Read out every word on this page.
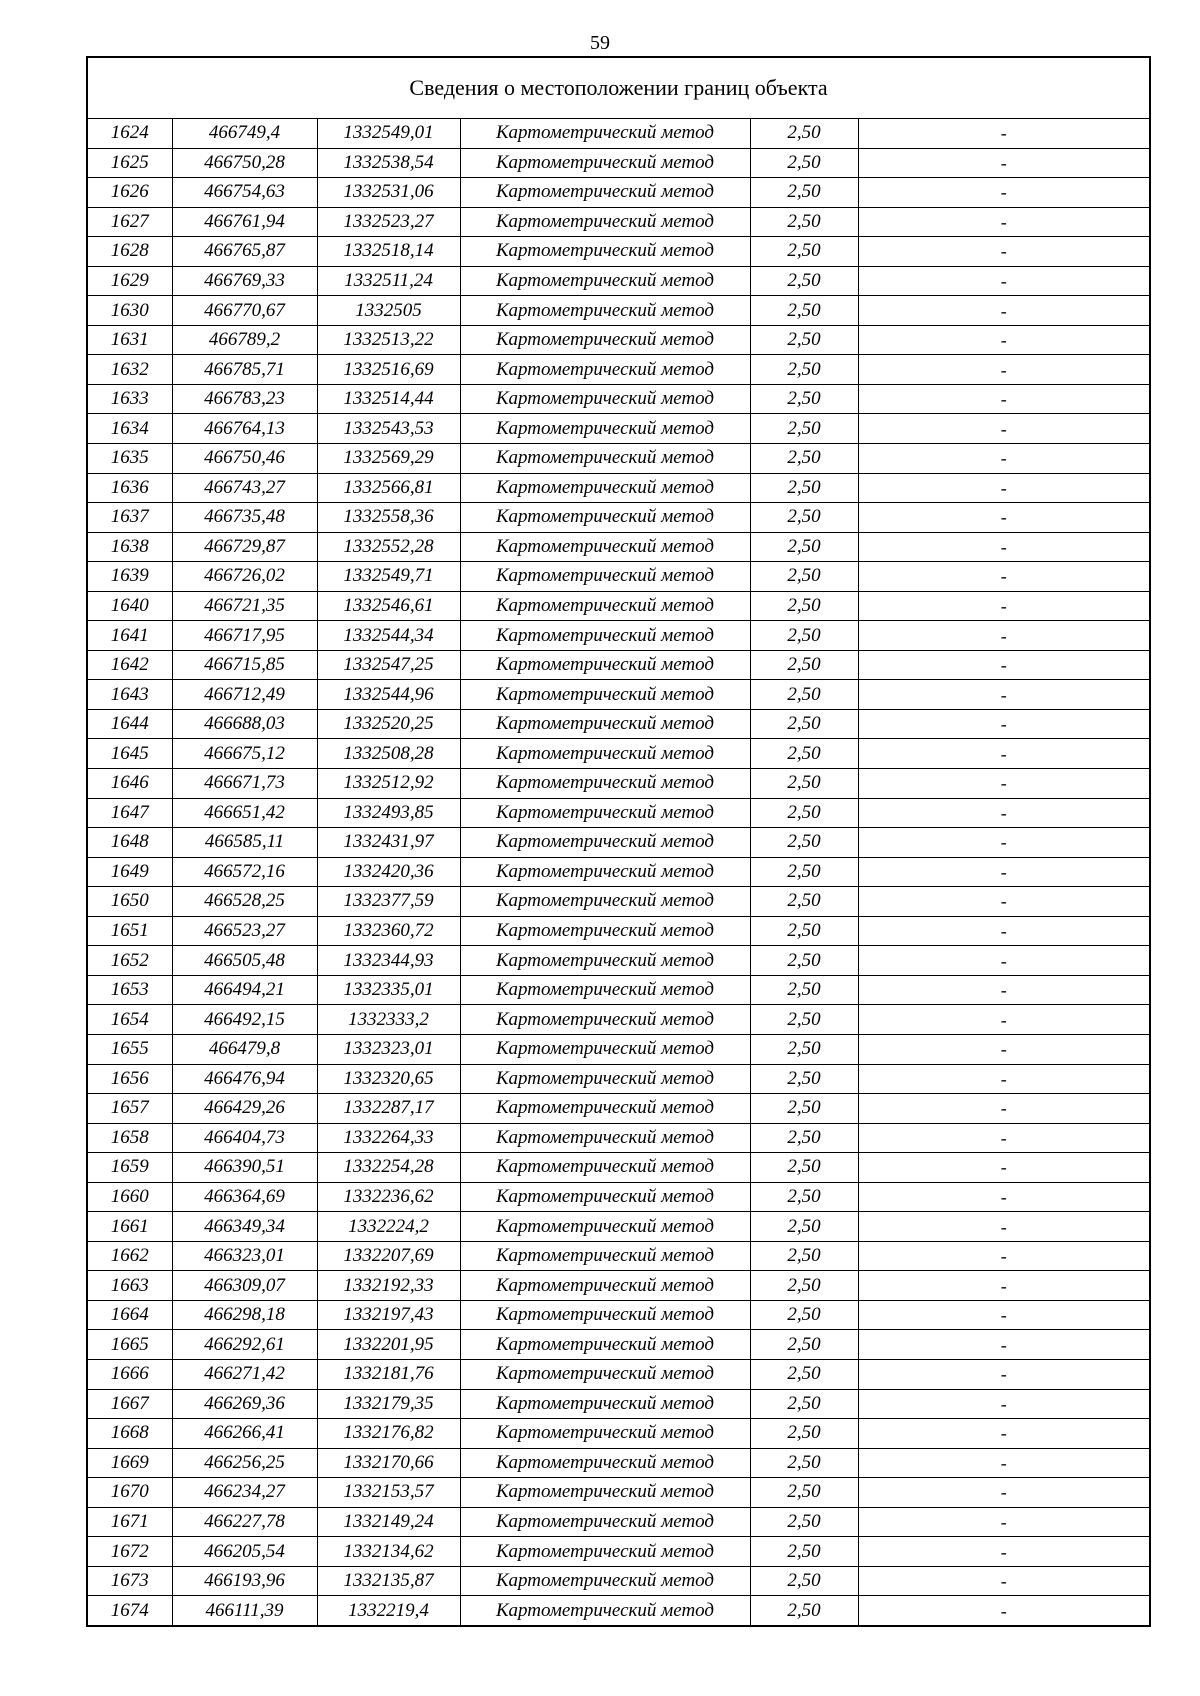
59
Сведения о местоположении границ объекта					
1624	466749,4	1332549,01	Картометрический метод	2,50	-
1625	466750,28	1332538,54	Картометрический метод	2,50	-
1626	466754,63	1332531,06	Картометрический метод	2,50	-
1627	466761,94	1332523,27	Картометрический метод	2,50	-
1628	466765,87	1332518,14	Картометрический метод	2,50	-
1629	466769,33	1332511,24	Картометрический метод	2,50	-
1630	466770,67	1332505	Картометрический метод	2,50	-
1631	466789,2	1332513,22	Картометрический метод	2,50	-
1632	466785,71	1332516,69	Картометрический метод	2,50	-
1633	466783,23	1332514,44	Картометрический метод	2,50	-
1634	466764,13	1332543,53	Картометрический метод	2,50	-
1635	466750,46	1332569,29	Картометрический метод	2,50	-
1636	466743,27	1332566,81	Картометрический метод	2,50	-
1637	466735,48	1332558,36	Картометрический метод	2,50	-
1638	466729,87	1332552,28	Картометрический метод	2,50	-
1639	466726,02	1332549,71	Картометрический метод	2,50	-
1640	466721,35	1332546,61	Картометрический метод	2,50	-
1641	466717,95	1332544,34	Картометрический метод	2,50	-
1642	466715,85	1332547,25	Картометрический метод	2,50	-
1643	466712,49	1332544,96	Картометрический метод	2,50	-
1644	466688,03	1332520,25	Картометрический метод	2,50	-
1645	466675,12	1332508,28	Картометрический метод	2,50	-
1646	466671,73	1332512,92	Картометрический метод	2,50	-
1647	466651,42	1332493,85	Картометрический метод	2,50	-
1648	466585,11	1332431,97	Картометрический метод	2,50	-
1649	466572,16	1332420,36	Картометрический метод	2,50	-
1650	466528,25	1332377,59	Картометрический метод	2,50	-
1651	466523,27	1332360,72	Картометрический метод	2,50	-
1652	466505,48	1332344,93	Картометрический метод	2,50	-
1653	466494,21	1332335,01	Картометрический метод	2,50	-
1654	466492,15	1332333,2	Картометрический метод	2,50	-
1655	466479,8	1332323,01	Картометрический метод	2,50	-
1656	466476,94	1332320,65	Картометрический метод	2,50	-
1657	466429,26	1332287,17	Картометрический метод	2,50	-
1658	466404,73	1332264,33	Картометрический метод	2,50	-
1659	466390,51	1332254,28	Картометрический метод	2,50	-
1660	466364,69	1332236,62	Картометрический метод	2,50	-
1661	466349,34	1332224,2	Картометрический метод	2,50	-
1662	466323,01	1332207,69	Картометрический метод	2,50	-
1663	466309,07	1332192,33	Картометрический метод	2,50	-
1664	466298,18	1332197,43	Картометрический метод	2,50	-
1665	466292,61	1332201,95	Картометрический метод	2,50	-
1666	466271,42	1332181,76	Картометрический метод	2,50	-
1667	466269,36	1332179,35	Картометрический метод	2,50	-
1668	466266,41	1332176,82	Картометрический метод	2,50	-
1669	466256,25	1332170,66	Картометрический метод	2,50	-
1670	466234,27	1332153,57	Картометрический метод	2,50	-
1671	466227,78	1332149,24	Картометрический метод	2,50	-
1672	466205,54	1332134,62	Картометрический метод	2,50	-
1673	466193,96	1332135,87	Картометрический метод	2,50	-
1674	466111,39	1332219,4	Картометрический метод	2,50	-
